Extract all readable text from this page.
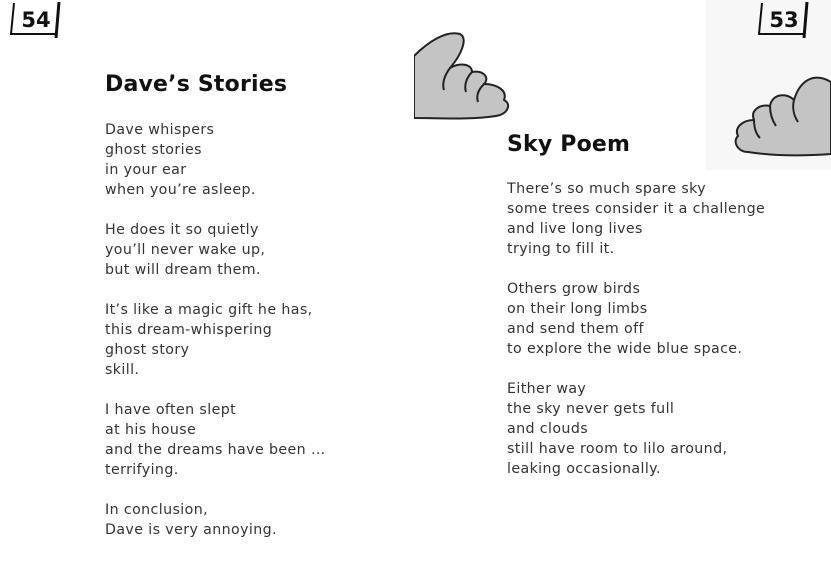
54	53
Dave’s Stories
Dave whispers
ghost stories
in your ear
when you’re asleep.
He does it so quietly
you’ll never wake up,
but will dream them.
It’s like a magic gift he has,
this dream-whispering
ghost story
skill.
I have often slept
at his house
and the dreams have been …
terrifying.
In conclusion,
Dave is very annoying.
Sky Poem
There’s so much spare sky
some trees consider it a challenge
and live long lives
trying to fill it.
Others grow birds
on their long limbs
and send them off
to explore the wide blue space.
Either way
the sky never gets full
and clouds
still have room to lilo around,
leaking occasionally.
